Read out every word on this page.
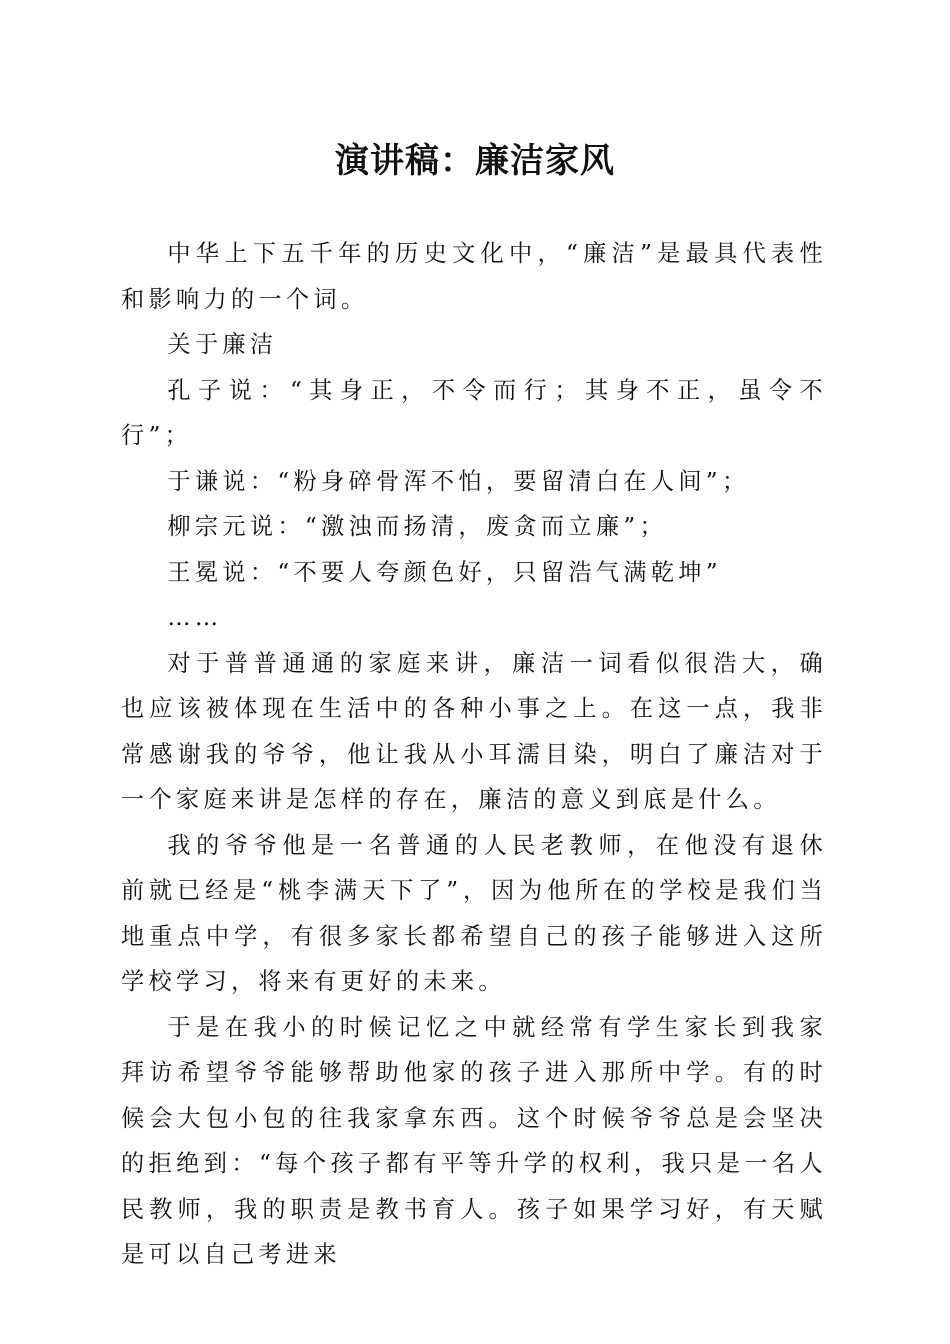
演讲稿：廉洁家风

中华上下五千年的历史文化中，“廉洁”是最具代表性和影响力的一个词。

关于廉洁

孔子说：“其身正，不令而行；其身不正，虽令不行”；

于谦说：“粉身碎骨浑不怕，要留清白在人间”；

柳宗元说：“激浊而扬清，废贪而立廉”；

王冕说：“不要人夸颜色好，只留浩气满乾坤”

……

对于普普通通的家庭来讲，廉洁一词看似很浩大，确也应该被体现在生活中的各种小事之上。在这一点，我非常感谢我的爷爷，他让我从小耳濡目染，明白了廉洁对于一个家庭来讲是怎样的存在，廉洁的意义到底是什么。

我的爷爷他是一名普通的人民老教师，在他没有退休前就已经是“桃李满天下了”，因为他所在的学校是我们当地重点中学，有很多家长都希望自己的孩子能够进入这所学校学习，将来有更好的未来。

于是在我小的时候记忆之中就经常有学生家长到我家拜访希望爷爷能够帮助他家的孩子进入那所中学。有的时候会大包小包的往我家拿东西。这个时候爷爷总是会坚决的拒绝到：“每个孩子都有平等升学的权利，我只是一名人民教师，我的职责是教书育人。孩子如果学习好，有天赋是可以自己考进来
